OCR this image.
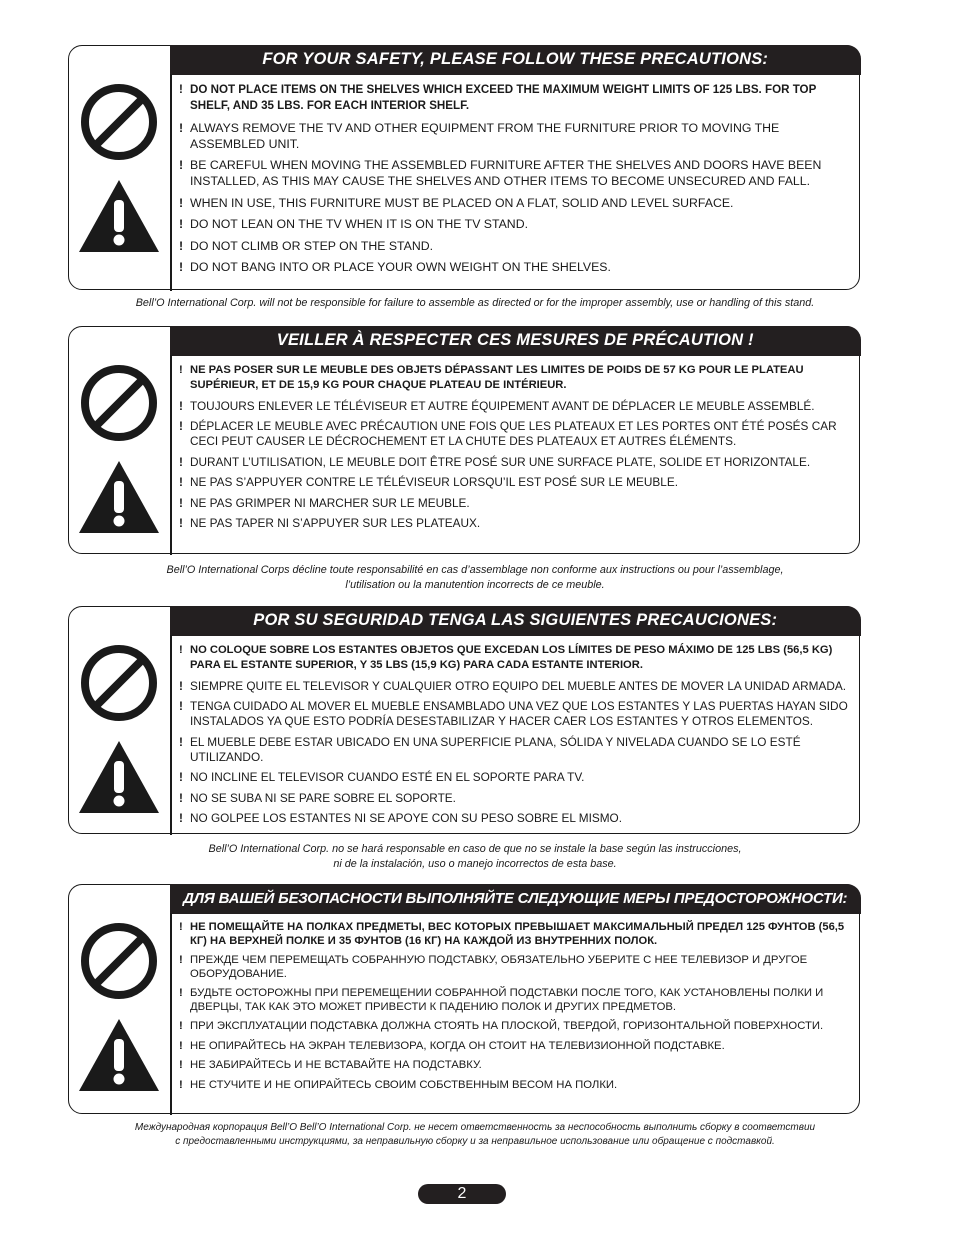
FOR YOUR SAFETY, PLEASE FOLLOW THESE PRECAUTIONS:
! DO NOT PLACE ITEMS ON THE SHELVES WHICH EXCEED THE MAXIMUM WEIGHT LIMITS OF 125 LBS. FOR TOP SHELF, AND 35 LBS. FOR EACH INTERIOR SHELF.
! ALWAYS REMOVE THE TV AND OTHER EQUIPMENT FROM THE FURNITURE PRIOR TO MOVING THE ASSEMBLED UNIT.
! BE CAREFUL WHEN MOVING THE ASSEMBLED FURNITURE AFTER THE SHELVES AND DOORS HAVE BEEN INSTALLED, AS THIS MAY CAUSE THE SHELVES AND OTHER ITEMS TO BECOME UNSECURED AND FALL.
! WHEN IN USE, THIS FURNITURE MUST BE PLACED ON A FLAT, SOLID AND LEVEL SURFACE.
! DO NOT LEAN ON THE TV WHEN IT IS ON THE TV STAND.
! DO NOT CLIMB OR STEP ON THE STAND.
! DO NOT BANG INTO OR PLACE YOUR OWN WEIGHT ON THE SHELVES.
Bell’O International Corp. will not be responsible for failure to assemble as directed or for the improper assembly, use or handling of this stand.
VEILLER À RESPECTER CES MESURES DE PRÉCAUTION !
! NE PAS POSER SUR LE MEUBLE DES OBJETS DÉPASSANT LES LIMITES DE POIDS DE 57 KG POUR LE PLATEAU SUPÉRIEUR, ET DE 15,9 KG POUR CHAQUE PLATEAU DE INTÉRIEUR.
! TOUJOURS ENLEVER LE TÉLÉVISEUR ET AUTRE ÉQUIPEMENT AVANT DE DÉPLACER LE MEUBLE ASSEMBLÉ.
! DÉPLACER LE MEUBLE AVEC PRÉCAUTION UNE FOIS QUE LES PLATEAUX ET LES PORTES ONT ÉTÉ POSÉS CAR CECI PEUT CAUSER LE DÉCROCHEMENT ET LA CHUTE DES PLATEAUX ET AUTRES ÉLÉMENTS.
! DURANT L’UTILISATION, LE MEUBLE DOIT ÊTRE POSÉ SUR UNE SURFACE PLATE, SOLIDE ET HORIZONTALE.
! NE PAS S’APPUYER CONTRE LE TÉLÉVISEUR LORSQU’IL EST POSÉ SUR LE MEUBLE.
! NE PAS GRIMPER NI MARCHER SUR LE MEUBLE.
! NE PAS TAPER NI S’APPUYER SUR LES PLATEAUX.
Bell’O International Corps décline toute responsabilité en cas d’assemblage non conforme aux instructions ou pour l’assemblage,
l’utilisation ou la manutention incorrects de ce meuble.
POR SU SEGURIDAD TENGA LAS SIGUIENTES PRECAUCIONES:
! NO COLOQUE SOBRE LOS ESTANTES OBJETOS QUE EXCEDAN LOS LÍMITES DE PESO MÁXIMO DE 125 LBS (56,5 KG) PARA EL ESTANTE SUPERIOR, Y 35 LBS (15,9 KG) PARA CADA ESTANTE INTERIOR.
! SIEMPRE QUITE EL TELEVISOR Y CUALQUIER OTRO EQUIPO DEL MUEBLE ANTES DE MOVER LA UNIDAD ARMADA.
! TENGA CUIDADO AL MOVER EL MUEBLE ENSAMBLADO UNA VEZ QUE LOS ESTANTES Y LAS PUERTAS HAYAN SIDO INSTALADOS YA QUE ESTO PODRÍA DESESTABILIZAR Y HACER CAER LOS ESTANTES Y OTROS ELEMENTOS.
! EL MUEBLE DEBE ESTAR UBICADO EN UNA SUPERFICIE PLANA, SÓLIDA Y NIVELADA CUANDO SE LO ESTÉ UTILIZANDO.
! NO INCLINE EL TELEVISOR CUANDO ESTÉ EN EL SOPORTE PARA TV.
! NO SE SUBA NI SE PARE SOBRE EL SOPORTE.
! NO GOLPEE LOS ESTANTES NI SE APOYE CON SU PESO SOBRE EL MISMO.
Bell’O International Corp. no se hará responsable en caso de que no se instale la base según las instrucciones,
ni de la instalación, uso o manejo incorrectos de esta base.
ДЛЯ ВАШЕЙ БЕЗОПАСНОСТИ ВЫПОЛНЯЙТЕ СЛЕДУЮЩИЕ МЕРЫ ПРЕДОСТОРОЖНОСТИ:
! НЕ ПОМЕЩАЙТЕ НА ПОЛКАХ ПРЕДМЕТЫ, ВЕС КОТОРЫХ ПРЕВЫШАЕТ МАКСИМАЛЬНЫЙ ПРЕДЕЛ 125 ФУНТОВ (56,5 КГ) НА ВЕРХНЕЙ ПОЛКЕ И 35 ФУНТОВ (16 КГ) НА КАЖДОЙ ИЗ ВНУТРЕННИХ ПОЛОК.
! ПРЕЖДЕ ЧЕМ ПЕРЕМЕЩАТЬ СОБРАННУЮ ПОДСТАВКУ, ОБЯЗАТЕЛЬНО УБЕРИТЕ С НЕЕ ТЕЛЕВИЗОР И ДРУГОЕ ОБОРУДОВАНИЕ.
! БУДЬТЕ ОСТОРОЖНЫ ПРИ ПЕРЕМЕЩЕНИИ СОБРАННОЙ ПОДСТАВКИ ПОСЛЕ ТОГО, КАК УСТАНОВЛЕНЫ ПОЛКИ И ДВЕРЦЫ, ТАК КАК ЭТО МОЖЕТ ПРИВЕСТИ К ПАДЕНИЮ ПОЛОК И ДРУГИХ ПРЕДМЕТОВ.
! ПРИ ЭКСПЛУАТАЦИИ ПОДСТАВКА ДОЛЖНА СТОЯТЬ НА ПЛОСКОЙ, ТВЕРДОЙ, ГОРИЗОНТАЛЬНОЙ ПОВЕРХНОСТИ.
! НЕ ОПИРАЙТЕСЬ НА ЭКРАН ТЕЛЕВИЗОРА, КОГДА ОН СТОИТ НА ТЕЛЕВИЗИОННОЙ ПОДСТАВКЕ.
! НЕ ЗАБИРАЙТЕСЬ И НЕ ВСТАВАЙТЕ НА ПОДСТАВКУ.
! НЕ СТУЧИТЕ И НЕ ОПИРАЙТЕСЬ СВОИМ СОБСТВЕННЫМ ВЕСОМ НА ПОЛКИ.
Международная корпорация Bell’O Bell’O International Corp. не несет ответственность за неспособность выполнить сборку в соответствии
с предоставленными инструкциями, за неправильную сборку и за неправильное использование или обращение с подставкой.
2
